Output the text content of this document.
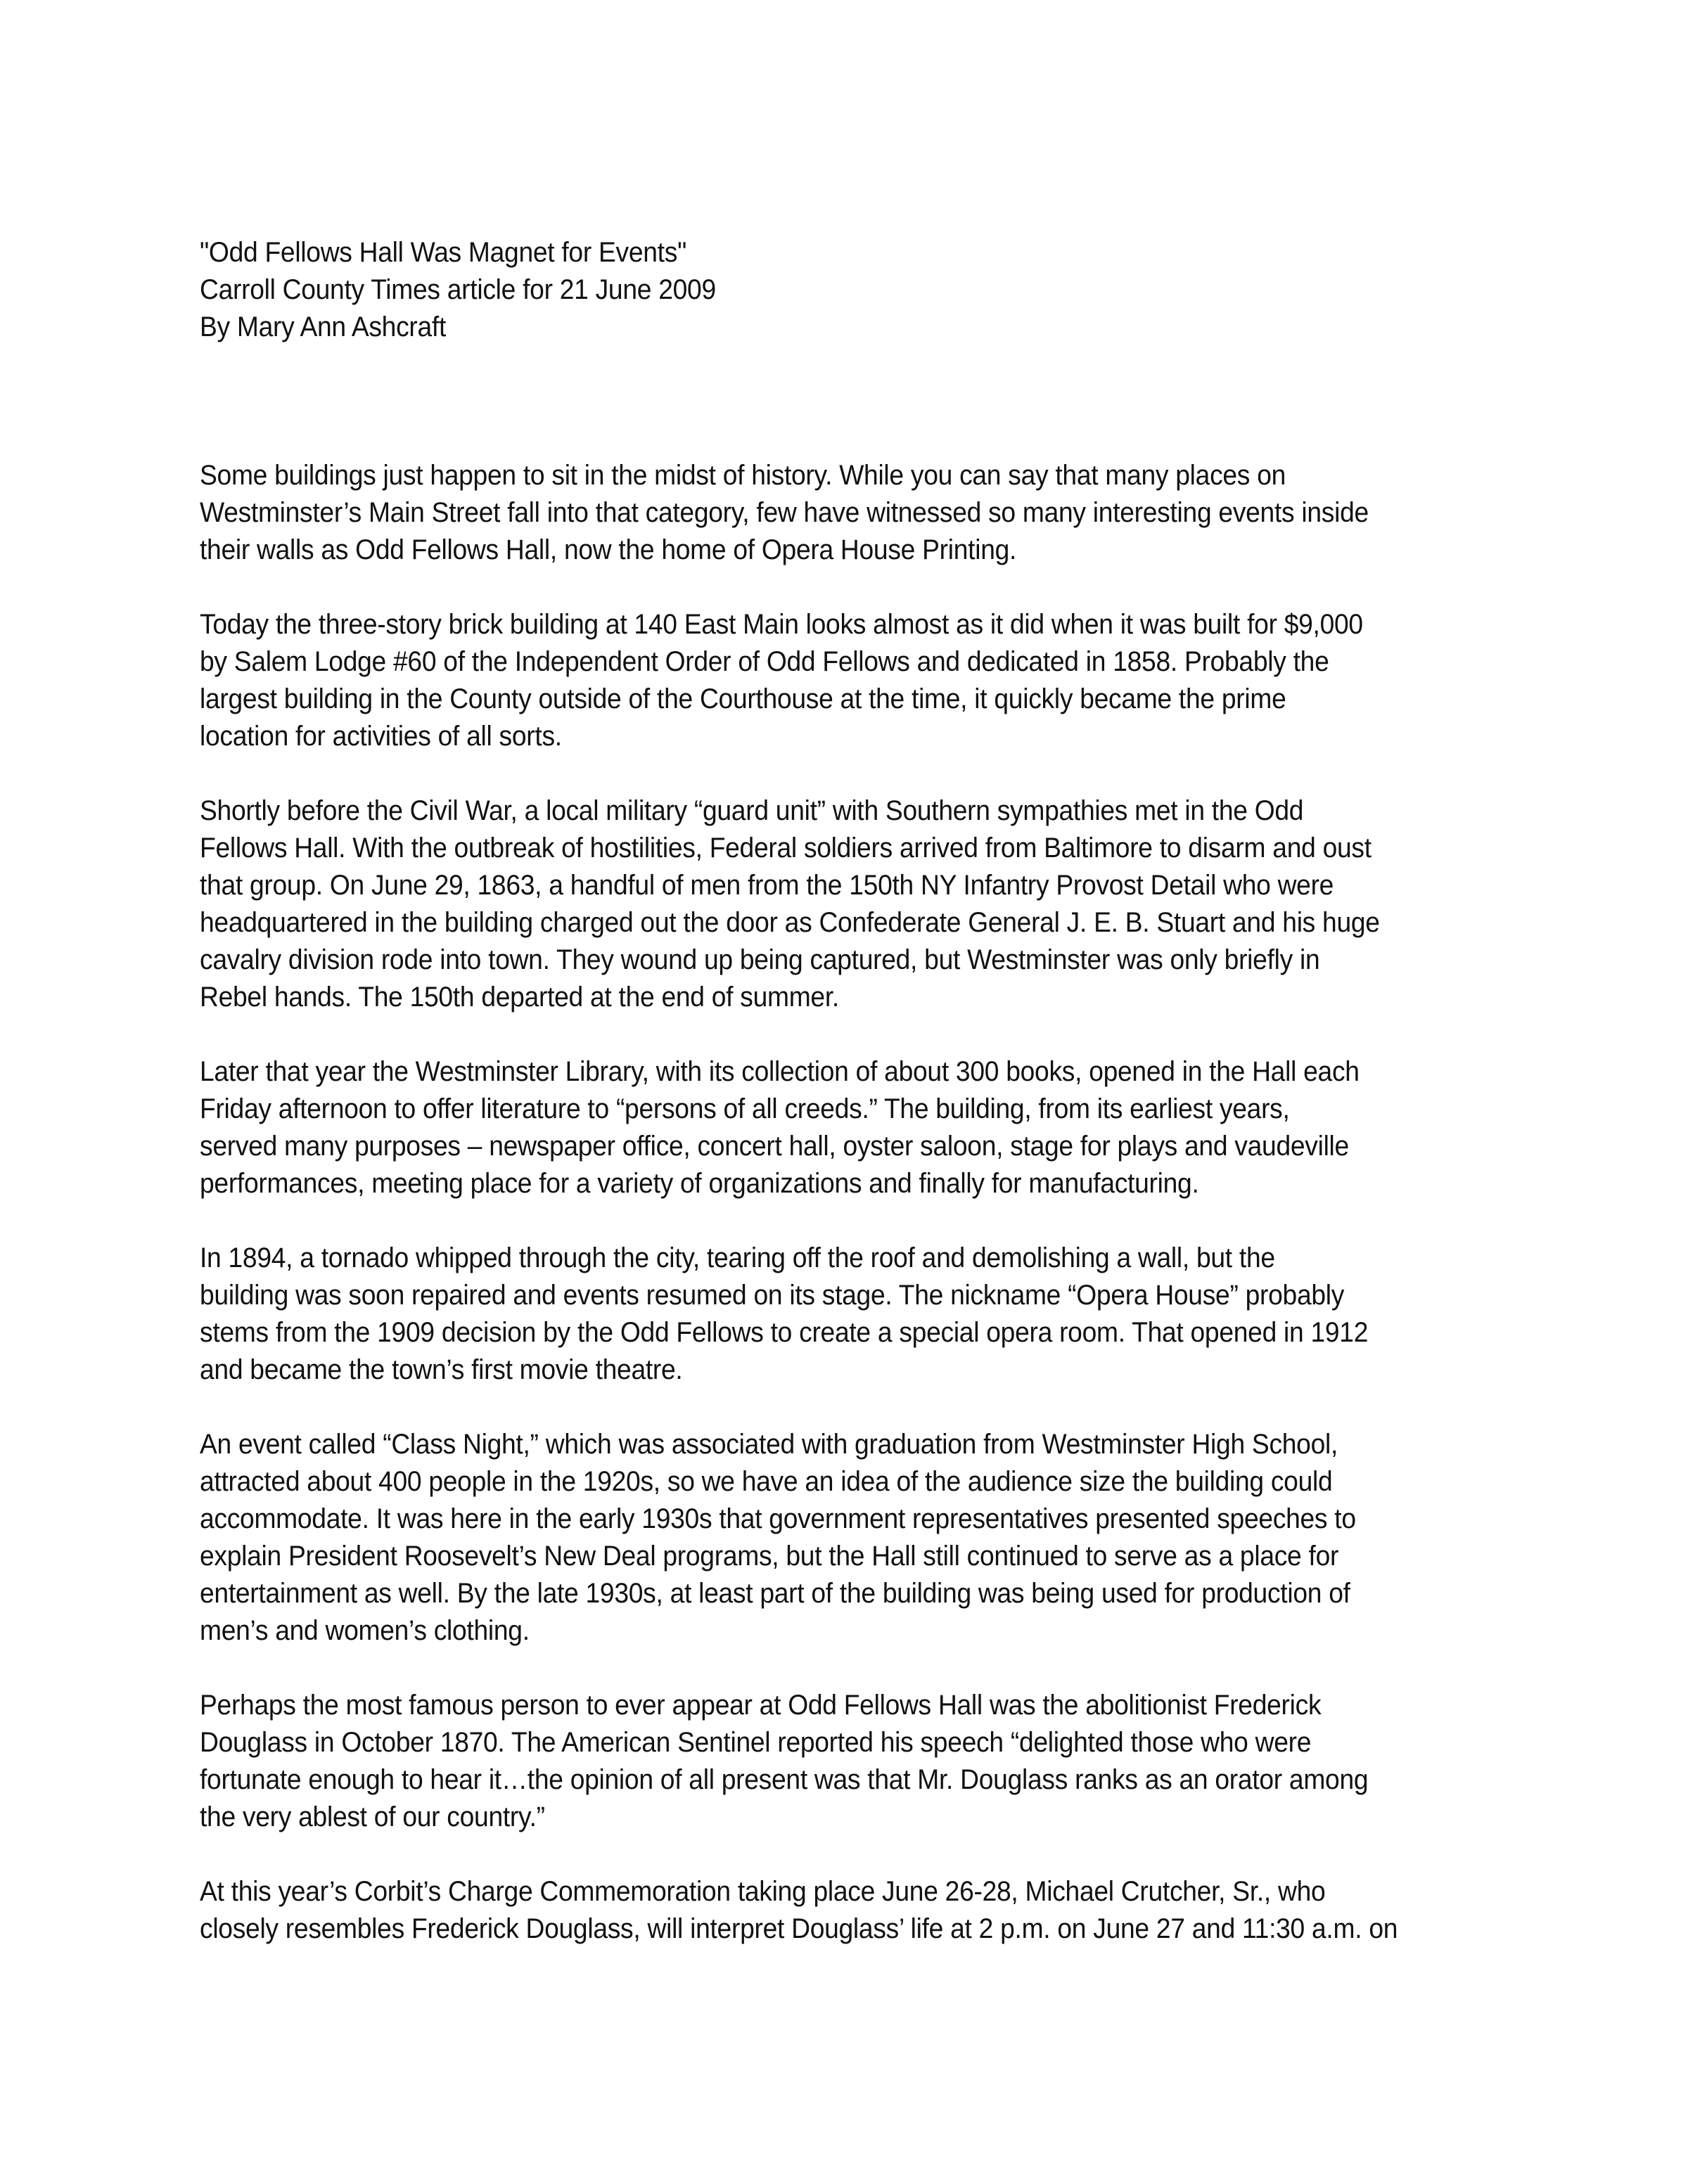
"Odd Fellows Hall Was Magnet for Events"
Carroll County Times article for 21 June 2009
By Mary Ann Ashcraft
Some buildings just happen to sit in the midst of history. While you can say that many places on
Westminster’s Main Street fall into that category, few have witnessed so many interesting events inside
their walls as Odd Fellows Hall, now the home of Opera House Printing.
Today the three-story brick building at 140 East Main looks almost as it did when it was built for $9,000
by Salem Lodge #60 of the Independent Order of Odd Fellows and dedicated in 1858. Probably the
largest building in the County outside of the Courthouse at the time, it quickly became the prime
location for activities of all sorts.
Shortly before the Civil War, a local military “guard unit” with Southern sympathies met in the Odd
Fellows Hall. With the outbreak of hostilities, Federal soldiers arrived from Baltimore to disarm and oust
that group. On June 29, 1863, a handful of men from the 150th NY Infantry Provost Detail who were
headquartered in the building charged out the door as Confederate General J. E. B. Stuart and his huge
cavalry division rode into town. They wound up being captured, but Westminster was only briefly in
Rebel hands. The 150th departed at the end of summer.
Later that year the Westminster Library, with its collection of about 300 books, opened in the Hall each
Friday afternoon to offer literature to “persons of all creeds.” The building, from its earliest years,
served many purposes – newspaper office, concert hall, oyster saloon, stage for plays and vaudeville
performances, meeting place for a variety of organizations and finally for manufacturing.
In 1894, a tornado whipped through the city, tearing off the roof and demolishing a wall, but the
building was soon repaired and events resumed on its stage. The nickname “Opera House” probably
stems from the 1909 decision by the Odd Fellows to create a special opera room. That opened in 1912
and became the town’s first movie theatre.
An event called “Class Night,” which was associated with graduation from Westminster High School,
attracted about 400 people in the 1920s, so we have an idea of the audience size the building could
accommodate. It was here in the early 1930s that government representatives presented speeches to
explain President Roosevelt’s New Deal programs, but the Hall still continued to serve as a place for
entertainment as well. By the late 1930s, at least part of the building was being used for production of
men’s and women’s clothing.
Perhaps the most famous person to ever appear at Odd Fellows Hall was the abolitionist Frederick
Douglass in October 1870. The American Sentinel reported his speech “delighted those who were
fortunate enough to hear it…the opinion of all present was that Mr. Douglass ranks as an orator among
the very ablest of our country.”
At this year’s Corbit’s Charge Commemoration taking place June 26-28, Michael Crutcher, Sr., who
closely resembles Frederick Douglass, will interpret Douglass’ life at 2 p.m. on June 27 and 11:30 a.m. on
